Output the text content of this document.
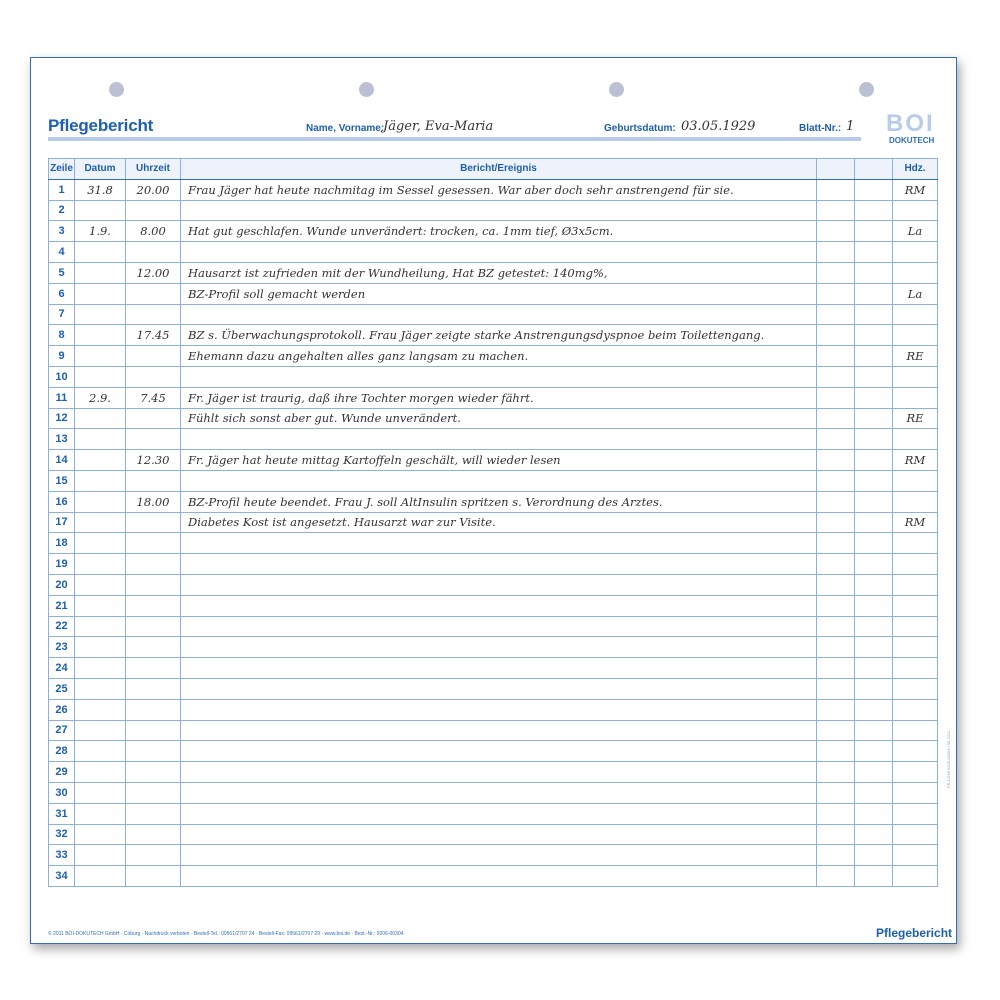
Pflegebericht	Name, Vorname:
Jäger, Eva-Maria	Geburtsdatum: 03.05.1929	Blatt-Nr.: 1 BOI
DOKUTECH
Zeile	Datum	Uhrzeit	Bericht/Ereignis			Hdz.
1	31.8	20.00	Frau Jäger hat heute nachmitag im Sessel gesessen. War aber doch sehr anstrengend für sie.			RM
2						
3	1.9.	8.00	Hat gut geschlafen. Wunde unverändert: trocken, ca. 1mm tief, Ø3x5cm.			La
4						
5		12.00	Hausarzt ist zufrieden mit der Wundheilung, Hat BZ getestet: 140mg%,			
6			BZ-Profil soll gemacht werden			La
7						
8		17.45	BZ s. Überwachungsprotokoll. Frau Jäger zeigte starke Anstrengungsdyspnoe beim Toilettengang.			
9			Ehemann dazu angehalten alles ganz langsam zu machen.			RE
10						
11	2.9.	7.45	Fr. Jäger ist traurig, daß ihre Tochter morgen wieder fährt.			
12			Fühlt sich sonst aber gut. Wunde unverändert.			RE
13						
14		12.30	Fr. Jäger hat heute mittag Kartoffeln geschält, will wieder lesen			RM
15						
16		18.00	BZ-Profil heute beendet. Frau J. soll AltInsulin spritzen s. Verordnung des Arztes.			
17			Diabetes Kost ist angesetzt. Hausarzt war zur Visite.			RM
18						
19						
20						
21						
22						
23						
24						
25						
26						
27						
28						
29						
30						
31						
32						
33						
34						
© 2011 BOI-DOKUTECH GmbH · Coburg · Nachdruck verboten · Bestell-Tel.: 09561/2707 24 · Bestell-Fax: 09561/2707 29 · www.boi.de · Best.-Nr.: 9206-00304	Pflegebericht
PB-1/34B 9206-00304 / 09.2011
